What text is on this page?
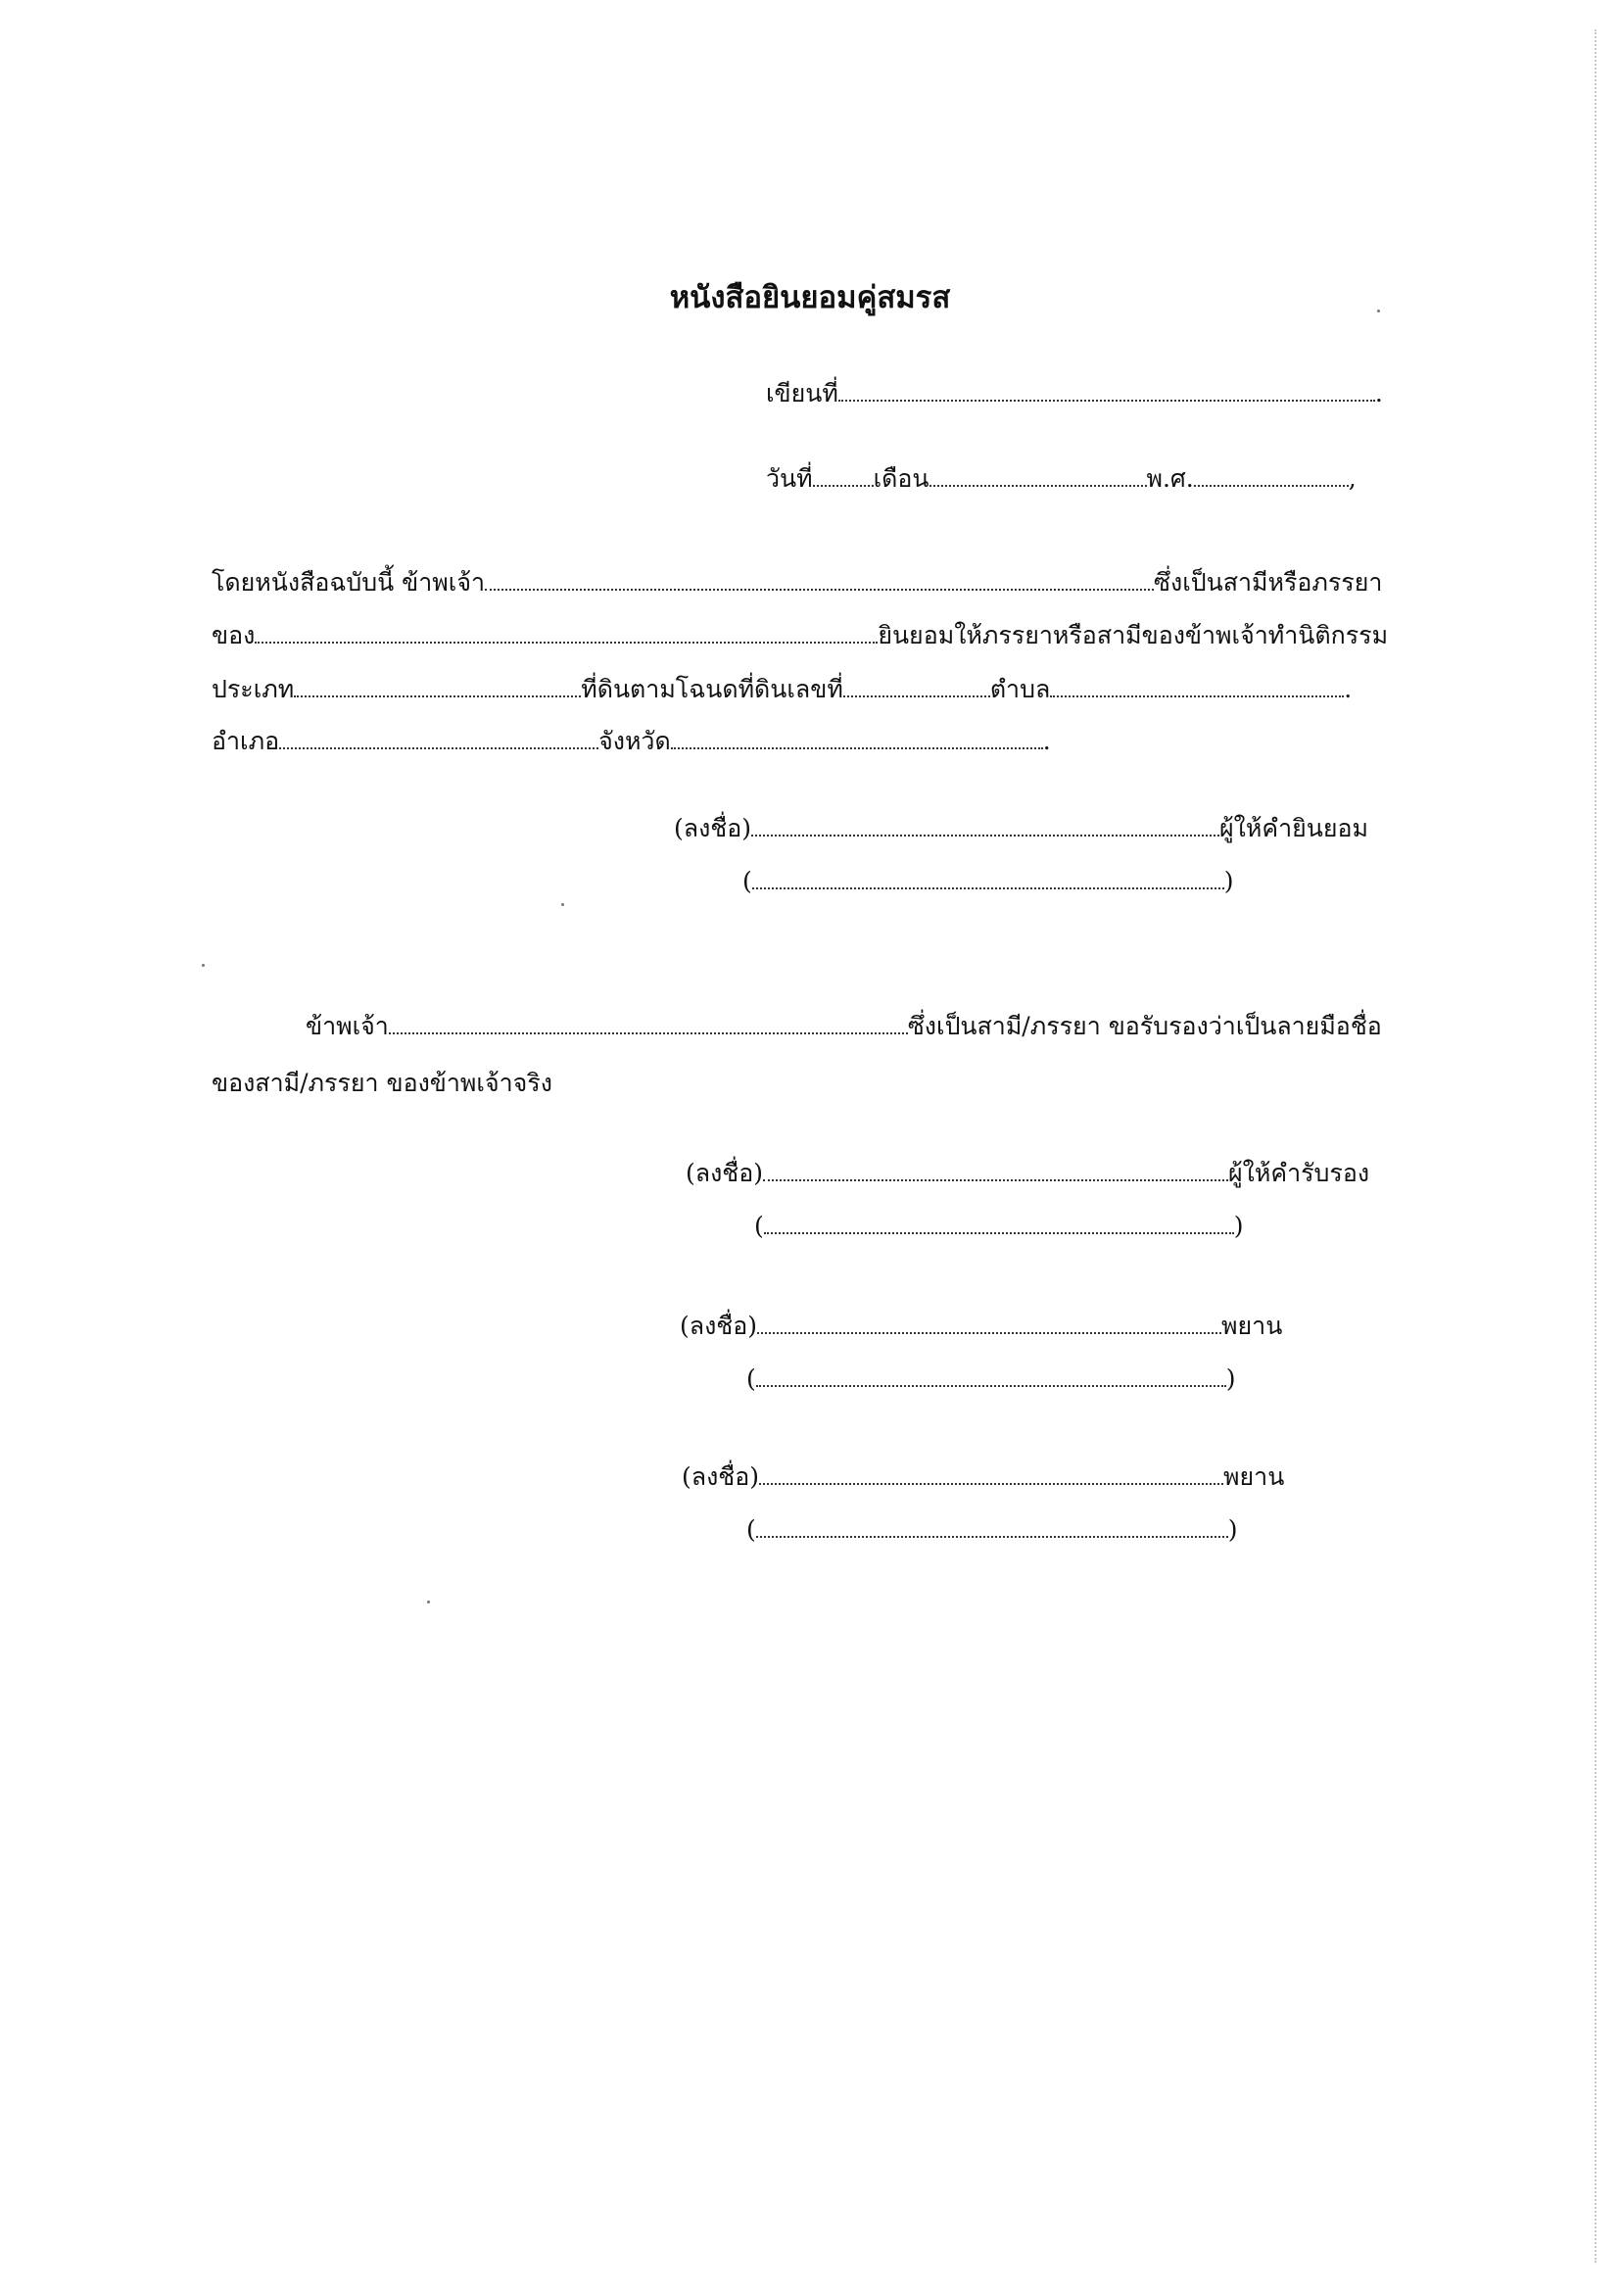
หนังสือยินยอมคู่สมรส
เขียนที่	.
วันที่ เดือน	พ.ศ.	,
โดยหนังสือฉบับนี้ ข้าพเจ้า	ซึ่งเป็นสามีหรือภรรยา
ของ	ยินยอมให้ภรรยาหรือสามีของข้าพเจ้าทำนิติกรรม
ประเภท	ที่ดินตามโฉนดที่ดินเลขที่	ตำบล	.
อำเภอ	จังหวัด	.
(ลงชื่อ)	ผู้ให้คำยินยอม
(	)
ข้าพเจ้า	ซึ่งเป็นสามี/ภรรยา ขอรับรองว่าเป็นลายมือชื่อ
ของสามี/ภรรยา ของข้าพเจ้าจริง
(ลงชื่อ)	ผู้ให้คำรับรอง
(	)
(ลงชื่อ)	พยาน
(	)
(ลงชื่อ)	พยาน
(	)
